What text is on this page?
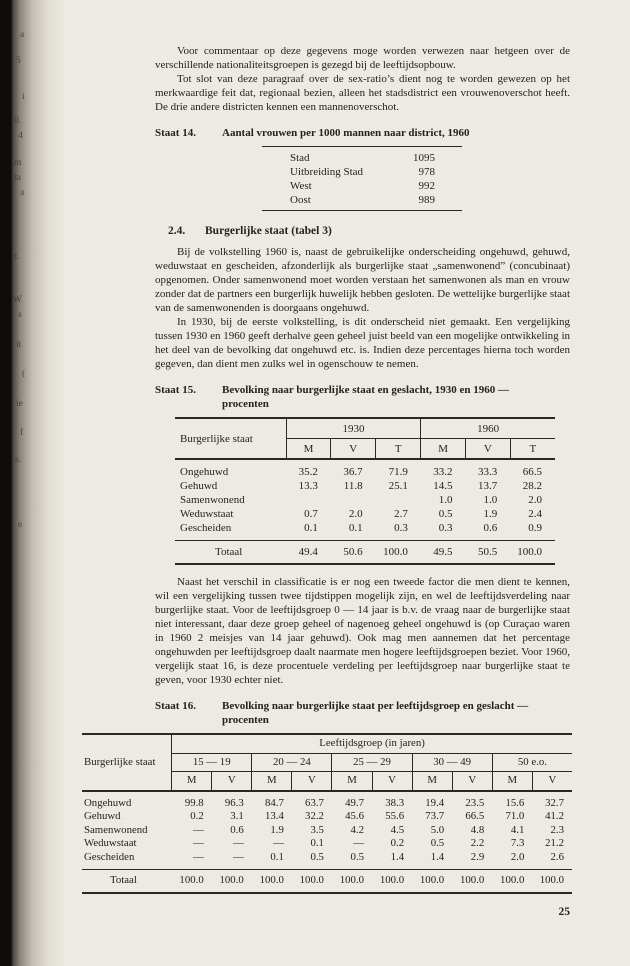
a
5
i
0.
4
m
ta
a
r.
W
s
it
(
ie
f
s.
e

Voor commentaar op deze gegevens moge worden verwezen naar hetgeen over de verschillende nationaliteitsgroepen is gezegd bij de leeftijdsopbouw.

Tot slot van deze paragraaf over de sex-ratio’s dient nog te worden gewezen op het merkwaardige feit dat, regionaal bezien, alleen het stadsdistrict een vrouwenoverschot heeft. De drie andere districten kennen een mannenoverschot.

Staat 14.	Aantal vrouwen per 1000 mannen naar district, 1960
Stad	1095
Uitbreiding Stad	978
West	992
Oost	989
2.4. Burgerlijke staat (tabel 3)

Bij de volkstelling 1960 is, naast de gebruikelijke onderscheiding ongehuwd, gehuwd, weduwstaat en gescheiden, afzonderlijk als burgerlijke staat „samenwonend” (concubinaat) opgenomen. Onder samenwonend moet worden verstaan het samenwonen als man en vrouw zonder dat de partners een burgerlijk huwelijk hebben gesloten. De wettelijke burgerlijke staat van de samenwonenden is doorgaans ongehuwd.

In 1930, bij de eerste volkstelling, is dit onderscheid niet gemaakt. Een vergelijking tussen 1930 en 1960 geeft derhalve geen geheel juist beeld van een mogelijke ontwikkeling in het deel van de bevolking dat ongehuwd etc. is. Indien deze percentages hierna toch worden gegeven, dan dient men zulks wel in ogenschouw te nemen.

Staat 15.	Bevolking naar burgerlijke staat en geslacht, 1930 en 1960 —
procenten
Burgerlijke staat	1930			1960		
	M	V	T	M	V	T
Ongehuwd	35.2	36.7	71.9	33.2	33.3	66.5
Gehuwd	13.3	11.8	25.1	14.5	13.7	28.2
Samenwonend				1.0	1.0	2.0
Weduwstaat	0.7	2.0	2.7	0.5	1.9	2.4
Gescheiden	0.1	0.1	0.3	0.3	0.6	0.9
Totaal	49.4	50.6	100.0	49.5	50.5	100.0

Naast het verschil in classificatie is er nog een tweede factor die men dient te kennen, wil een vergelijking tussen twee tijdstippen mogelijk zijn, en wel de leeftijdsverdeling naar burgerlijke staat. Voor de leeftijdsgroep 0 — 14 jaar is b.v. de vraag naar de burgerlijke staat niet interessant, daar deze groep geheel of nagenoeg geheel ongehuwd is (op Curaçao waren in 1960 2 meisjes van 14 jaar gehuwd). Ook mag men aannemen dat het percentage ongehuwden per leeftijdsgroep daalt naarmate men hogere leeftijdsgroepen beziet. Voor 1960, vergelijk staat 16, is deze procentuele verdeling per leeftijdsgroep naar burgerlijke staat te geven, voor 1930 echter niet.

Staat 16.	Bevolking naar burgerlijke staat per leeftijdsgroep en geslacht —
procenten
Burgerlijke staat	Leeftijdsgroep (in jaren)									
	15 — 19		20 — 24		25 — 29		30 — 49		50 e.o.	
	M	V	M	V	M	V	M	V	M	V
Ongehuwd	99.8	96.3	84.7	63.7	49.7	38.3	19.4	23.5	15.6	32.7
Gehuwd	0.2	3.1	13.4	32.2	45.6	55.6	73.7	66.5	71.0	41.2
Samenwonend	—	0.6	1.9	3.5	4.2	4.5	5.0	4.8	4.1	2.3
Weduwstaat	—	—	—	0.1	—	0.2	0.5	2.2	7.3	21.2
Gescheiden	—	—	0.1	0.5	0.5	1.4	1.4	2.9	2.0	2.6
Totaal	100.0	100.0	100.0	100.0	100.0	100.0	100.0	100.0	100.0	100.0
25
